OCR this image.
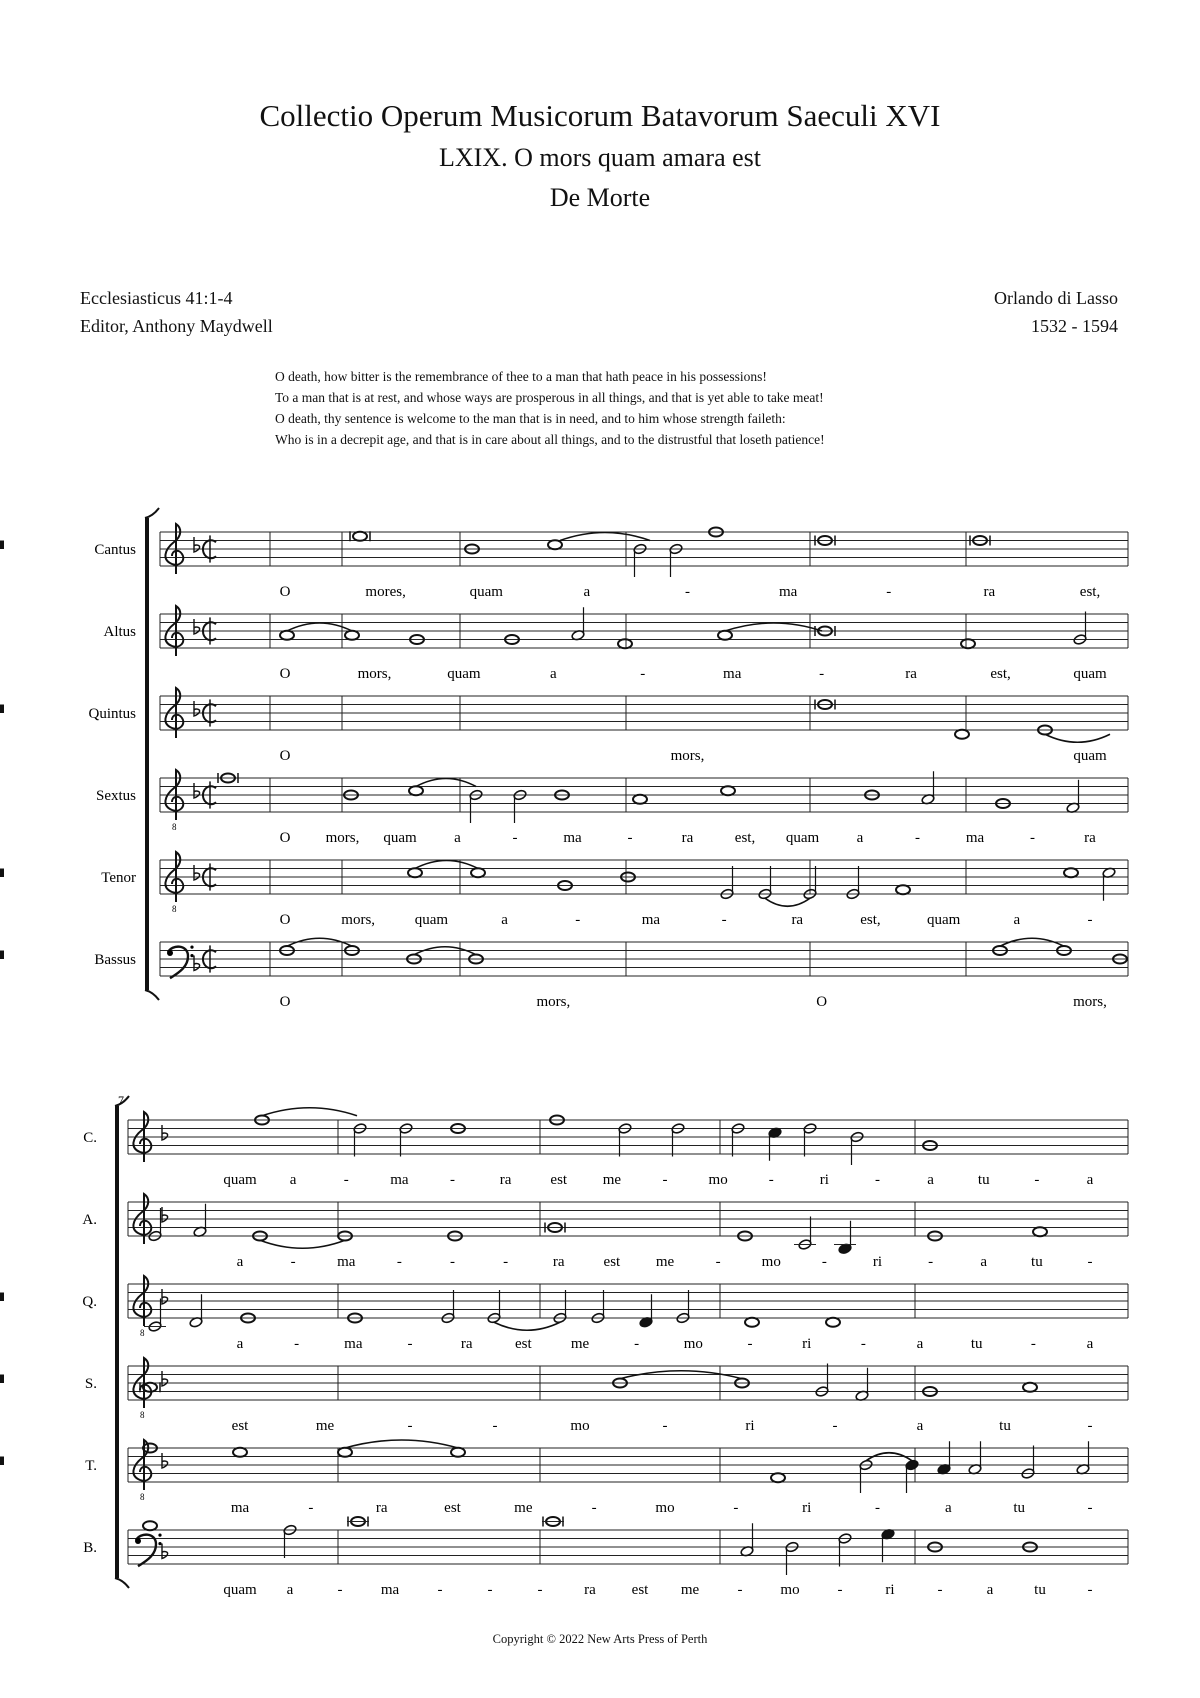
Collectio Operum Musicorum Batavorum Saeculi XVI
LXIX. O mors quam amara est
De Morte
Ecclesiasticus 41:1-4
Editor, Anthony Maydwell
Orlando di Lasso
1532 - 1594
O death, how bitter is the remembrance of thee to a man that hath peace in his possessions!
To a man that is at rest, and whose ways are prosperous in all things, and that is yet able to take meat!
O death, thy sentence is welcome to the man that is in need, and to him whose strength faileth:
Who is in a decrepit age, and that is in care about all things, and to the distrustful that loseth patience!
Cantus
O	mores,	quam	a	-	ma	-	ra	est,
Altus
O	mors,	quam	a	-	ma	-	ra	est,	quam
Quintus
O	mors,	quam
Sextus
8
O mors, quam	a	-	ma	-	ra	est, quam	a	-	ma	-	ra
Tenor
8
O	mors,	quam	a	-	ma	-	ra	est,	quam	a	-
Bassus
O	mors,	O	mors,
7
C.
quam a	-	ma	-	ra	est me	-	mo	-	ri	-	a	tu	-	a
A.
a	-	ma	-	-	-	ra	est me	-	mo	-	ri	-	a	tu	-
Q.
8
a	-	ma	-	ra	est	me	-	mo	-	ri	-	a	tu	-	a
S.
8
est	me	-	-	mo	-	ri	-	a	tu	-
T.
8
ma	-	ra	est	me	-	mo	-	ri	-	a	tu	-
B.
quam a	-	ma	-	-	-	ra est me	-	mo	-	ri	-	a	tu	-
Copyright © 2022 New Arts Press of Perth
